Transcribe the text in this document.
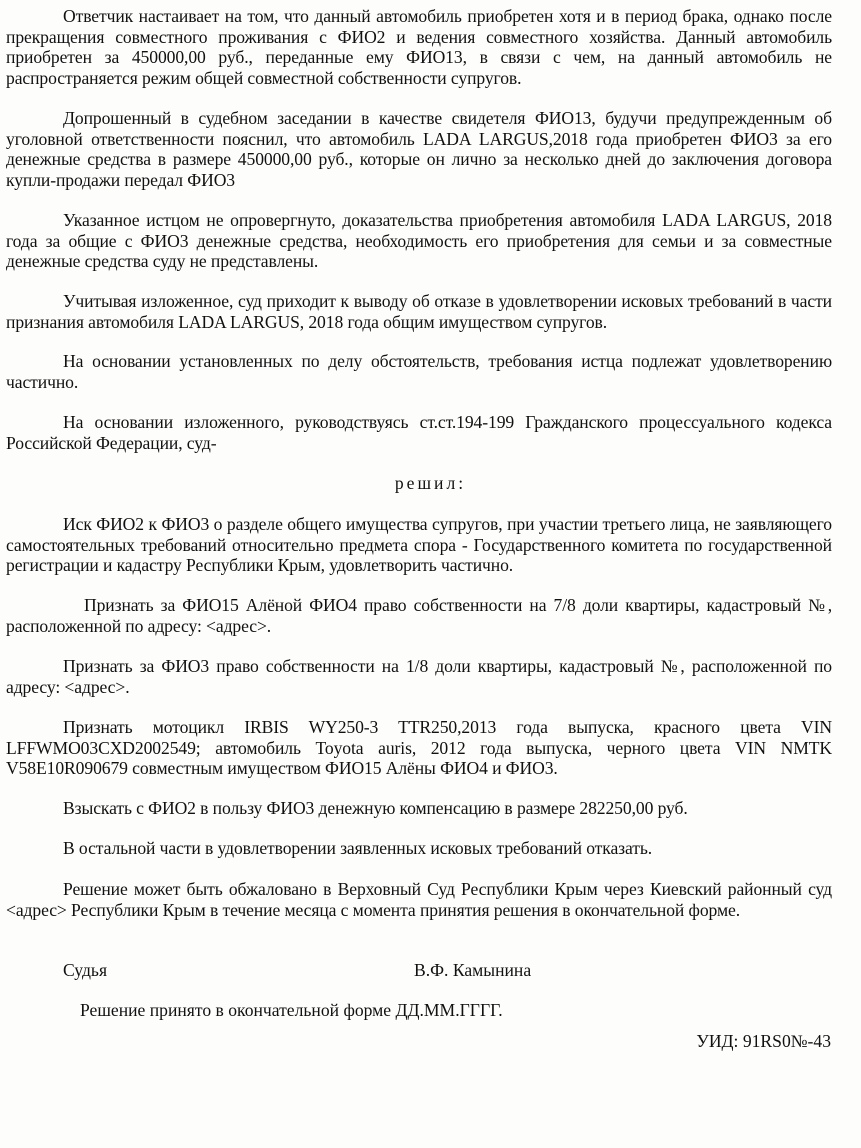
Ответчик настаивает на том, что данный автомобиль приобретен хотя и в период брака, однако после прекращения совместного проживания с ФИО2 и ведения совместного хозяйства. Данный автомобиль приобретен за 450000,00 руб., переданные ему ФИО13, в связи с чем, на данный автомобиль не распространяется режим общей совместной собственности супругов.

Допрошенный в судебном заседании в качестве свидетеля ФИО13, будучи предупрежденным об уголовной ответственности пояснил, что автомобиль LADA LARGUS,2018 года приобретен ФИО3 за его денежные средства в размере 450000,00 руб., которые он лично за несколько дней до заключения договора купли-продажи передал ФИО3

Указанное истцом не опровергнуто, доказательства приобретения автомобиля LADA LARGUS, 2018 года за общие с ФИО3 денежные средства, необходимость его приобретения для семьи и за совместные денежные средства суду не представлены.

Учитывая изложенное, суд приходит к выводу об отказе в удовлетворении исковых требований в части признания автомобиля LADA LARGUS, 2018 года общим имуществом супругов.

На основании установленных по делу обстоятельств, требования истца подлежат удовлетворению частично.

На основании изложенного, руководствуясь ст.ст.194-199 Гражданского процессуального кодекса Российской Федерации, суд-

решил:

Иск ФИО2 к ФИО3 о разделе общего имущества супругов, при участии третьего лица, не заявляющего самостоятельных требований относительно предмета спора - Государственного комитета по государственной регистрации и кадастру Республики Крым, удовлетворить частично.

Признать за ФИО15 Алёной ФИО4 право собственности на 7/8 доли квартиры, кадастровый №, расположенной по адресу: <адрес>.

Признать за ФИО3 право собственности на 1/8 доли квартиры, кадастровый №, расположенной по адресу: <адрес>.

Признать мотоцикл IRBIS WY250-3 TTR250,2013 года выпуска, красного цвета VIN LFFWMO03CXD2002549; автомобиль Toyota auris, 2012 года выпуска, черного цвета VIN NMTK V58E10R090679 совместным имуществом ФИО15 Алёны ФИО4 и ФИО3.

Взыскать с ФИО2 в пользу ФИО3 денежную компенсацию в размере 282250,00 руб.

В остальной части в удовлетворении заявленных исковых требований отказать.

Решение может быть обжаловано в Верховный Суд Республики Крым через Киевский районный суд <адрес> Республики Крым в течение месяца с момента принятия решения в окончательной форме.

Судья	В.Ф. Камынина
Решение принято в окончательной форме ДД.ММ.ГГГГ.
УИД: 91RS0№-43
